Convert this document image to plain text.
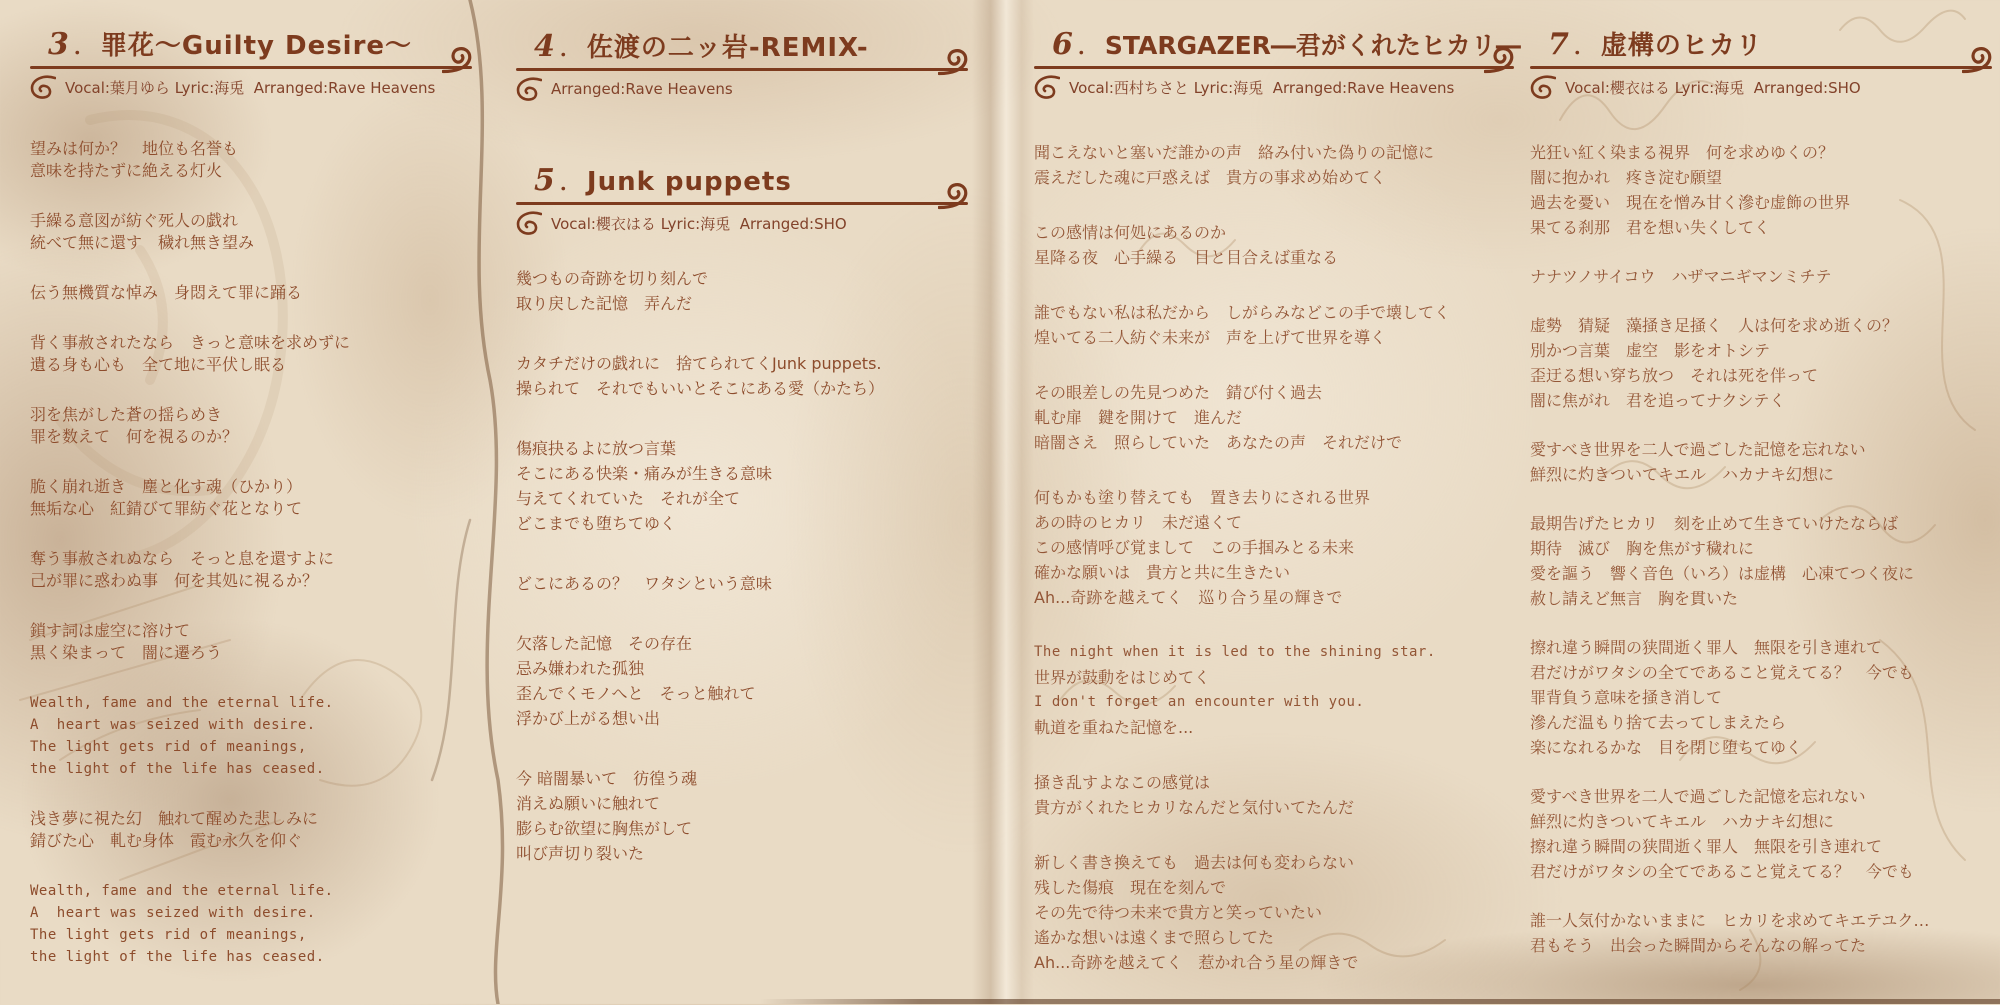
3 ． 罪花〜Guilty Desire〜
Vocal:葉月ゆら Lyric:海兎  Arranged:Rave Heavens
望みは何か？　地位も名誉も
意味を持たずに絶える灯火
手繰る意図が紡ぐ死人の戯れ
統べて無に還す　穢れ無き望み
伝う無機質な悼み　身悶えて罪に踊る
背く事赦されたなら　きっと意味を求めずに
遺る身も心も　全て地に平伏し眠る
羽を焦がした蒼の揺らめき
罪を数えて　何を視るのか？
脆く崩れ逝き　塵と化す魂（ひかり）
無垢な心　紅錆びて罪紡ぐ花となりて
奪う事赦されぬなら　そっと息を還すよに
己が罪に惑わぬ事　何を其処に視るか？
鎖す詞は虚空に溶けて
黒く染まって　闇に遷ろう
Wealth, fame and the eternal life.
A  heart was seized with desire.
The light gets rid of meanings,
the light of the life has ceased.
浅き夢に視た幻　触れて醒めた悲しみに
錆びた心　軋む身体　霞む永久を仰ぐ
Wealth, fame and the eternal life.
A  heart was seized with desire.
The light gets rid of meanings,
the light of the life has ceased.
4 ． 佐渡の二ッ岩-REMIX-
Arranged:Rave Heavens
5 ． Junk puppets
Vocal:櫻衣はる Lyric:海兎  Arranged:SHO
幾つもの奇跡を切り刻んで
取り戻した記憶　弄んだ
カタチだけの戯れに　捨てられてくJunk puppets.
操られて　それでもいいとそこにある愛（かたち）
傷痕抉るよに放つ言葉
そこにある快楽・痛みが生きる意味
与えてくれていた　それが全て
どこまでも堕ちてゆく
どこにあるの？　ワタシという意味
欠落した記憶　その存在
忌み嫌われた孤独
歪んでくモノへと　そっと触れて
浮かび上がる想い出
今 暗闇暴いて　彷徨う魂
消えぬ願いに触れて
膨らむ欲望に胸焦がして
叫び声切り裂いた
6 ． STARGAZER―君がくれたヒカリ―
Vocal:西村ちさと Lyric:海兎  Arranged:Rave Heavens
聞こえないと塞いだ誰かの声　絡み付いた偽りの記憶に
震えだした魂に戸惑えば　貴方の事求め始めてく
この感情は何処にあるのか
星降る夜　心手繰る　目と目合えば重なる
誰でもない私は私だから　しがらみなどこの手で壊してく
煌いてる二人紡ぐ未来が　声を上げて世界を導く
その眼差しの先見つめた　錆び付く過去
軋む扉　鍵を開けて　進んだ
暗闇さえ　照らしていた　あなたの声　それだけで
何もかも塗り替えても　置き去りにされる世界
あの時のヒカリ　未だ遠くて
この感情呼び覚まして　この手掴みとる未来
確かな願いは　貴方と共に生きたい
Ah...奇跡を越えてく　巡り合う星の輝きで
The night when it is led to the shining star.
世界が鼓動をはじめてく
I don't forget an encounter with you.
軌道を重ねた記憶を...
掻き乱すよなこの感覚は
貴方がくれたヒカリなんだと気付いてたんだ
新しく書き換えても　過去は何も変わらない
残した傷痕　現在を刻んで
その先で待つ未来で貴方と笑っていたい
遙かな想いは遠くまで照らしてた
Ah...奇跡を越えてく　惹かれ合う星の輝きで
7 ． 虚構のヒカリ
Vocal:櫻衣はる Lyric:海兎  Arranged:SHO
光狂い紅く染まる視界　何を求めゆくの？
闇に抱かれ　疼き淀む願望
過去を憂い　現在を憎み甘く滲む虚飾の世界
果てる刹那　君を想い失くしてく
ナナツノサイコウ　ハザマニギマンミチテ
虚勢　猜疑　藻掻き足掻く　人は何を求め逝くの？
別かつ言葉　虚空　影をオトシテ
歪迂る想い穿ち放つ　それは死を伴って
闇に焦がれ　君を追ってナクシテく
愛すべき世界を二人で過ごした記憶を忘れない
鮮烈に灼きついてキエル　ハカナキ幻想に
最期告げたヒカリ　刻を止めて生きていけたならば
期待　滅び　胸を焦がす穢れに
愛を謳う　響く音色（いろ）は虚構　心凍てつく夜に
赦し請えど無言　胸を貫いた
擦れ違う瞬間の狭間逝く罪人　無限を引き連れて
君だけがワタシの全てであること覚えてる？　今でも
罪背負う意味を掻き消して
滲んだ温もり捨て去ってしまえたら
楽になれるかな　目を閉じ堕ちてゆく
愛すべき世界を二人で過ごした記憶を忘れない
鮮烈に灼きついてキエル　ハカナキ幻想に
擦れ違う瞬間の狭間逝く罪人　無限を引き連れて
君だけがワタシの全てであること覚えてる？　今でも
誰一人気付かないままに　ヒカリを求めてキエテユク…
君もそう　出会った瞬間からそんなの解ってた
